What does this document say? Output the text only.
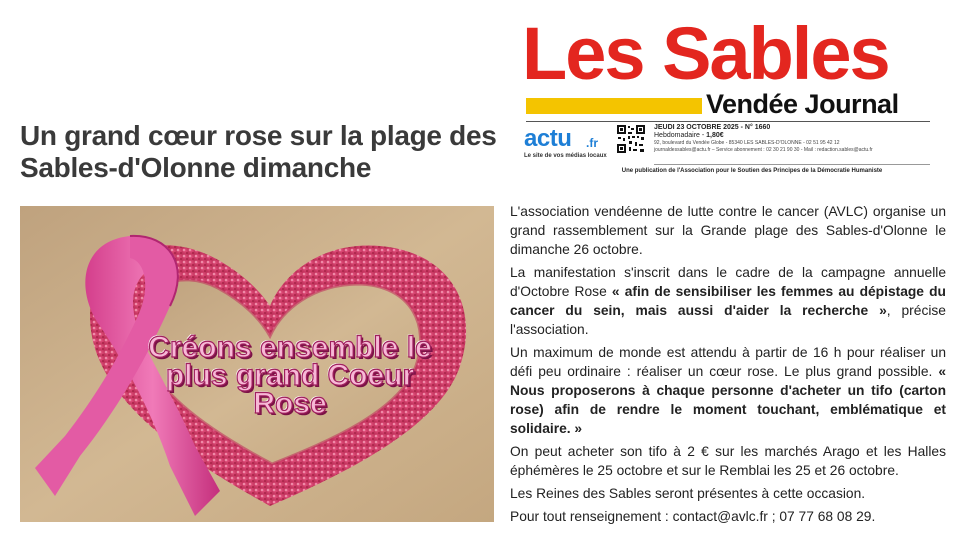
Les Sables
Vendée Journal
actu .fr
Le site de vos médias locaux
JEUDI 23 OCTOBRE 2025 - N° 1660
Hebdomadaire - 1,80€
92, boulevard du Vendée Globe - 85340 LES SABLES-D'OLONNE - 02 51 95 42 12
journaldessables@actu.fr – Service abonnement : 02 30 21 90 30 - Mail : redaction.sables@actu.fr
Une publication de l'Association pour le Soutien des Principes de la Démocratie Humaniste
Un grand cœur rose sur la plage des Sables-d'Olonne dimanche
Créons ensemble le plus grand Coeur Rose

L'association vendéenne de lutte contre le cancer (AVLC) organise un grand rassemblement sur la Grande plage des Sables-d'Olonne le dimanche 26 octobre.

La manifestation s'inscrit dans le cadre de la campagne annuelle d'Octobre Rose « afin de sensibiliser les femmes au dépistage du cancer du sein, mais aussi d'aider la recherche », précise l'association.

Un maximum de monde est attendu à partir de 16 h pour réaliser un défi peu ordinaire : réaliser un cœur rose. Le plus grand possible. « Nous proposerons à chaque personne d'acheter un tifo (carton rose) afin de rendre le moment touchant, emblématique et solidaire. »

On peut acheter son tifo à 2 € sur les marchés Arago et les Halles éphémères le 25 octobre et sur le Remblai les 25 et 26 octobre.

Les Reines des Sables seront présentes à cette occasion.

Pour tout renseignement : contact@avlc.fr ; 07 77 68 08 29.
